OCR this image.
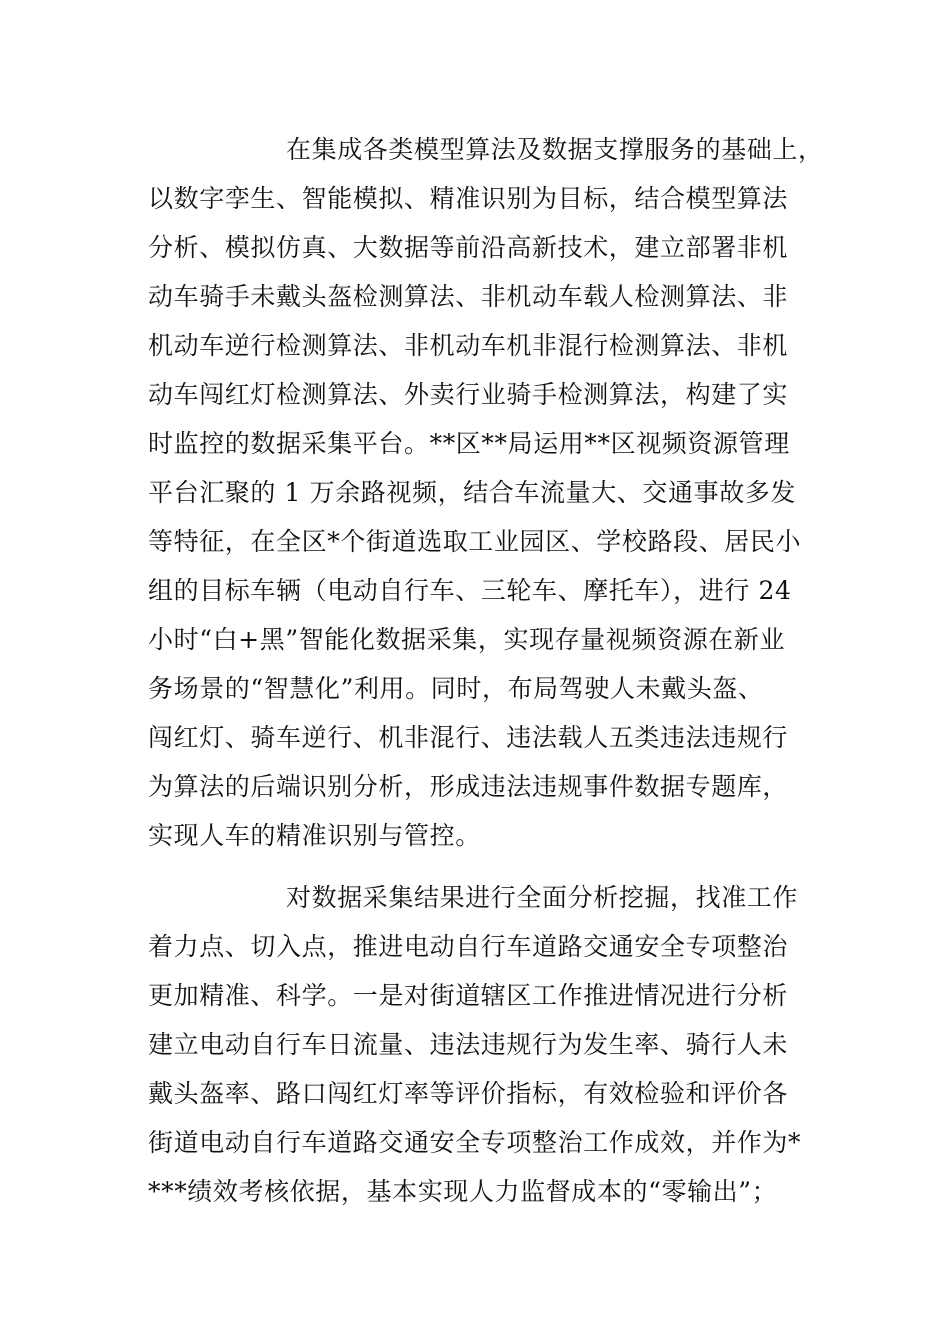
在集成各类模型算法及数据支撑服务的基础上，
以数字孪生、智能模拟、精准识别为目标，结合模型算法
分析、模拟仿真、大数据等前沿高新技术，建立部署非机
动车骑手未戴头盔检测算法、非机动车载人检测算法、非
机动车逆行检测算法、非机动车机非混行检测算法、非机
动车闯红灯检测算法、外卖行业骑手检测算法，构建了实
时监控的数据采集平台。**区**局运用**区视频资源管理
平台汇聚的 1 万余路视频，结合车流量大、交通事故多发
等特征，在全区*个街道选取工业园区、学校路段、居民小
组的目标车辆（电动自行车、三轮车、摩托车），进行 24
小时“白+黑”智能化数据采集，实现存量视频资源在新业
务场景的“智慧化”利用。同时，布局驾驶人未戴头盔、
闯红灯、骑车逆行、机非混行、违法载人五类违法违规行
为算法的后端识别分析，形成违法违规事件数据专题库，
实现人车的精准识别与管控。
对数据采集结果进行全面分析挖掘，找准工作
着力点、切入点，推进电动自行车道路交通安全专项整治
更加精准、科学。一是对街道辖区工作推进情况进行分析
建立电动自行车日流量、违法违规行为发生率、骑行人未
戴头盔率、路口闯红灯率等评价指标，有效检验和评价各
街道电动自行车道路交通安全专项整治工作成效，并作为*
***绩效考核依据，基本实现人力监督成本的“零输出”；
